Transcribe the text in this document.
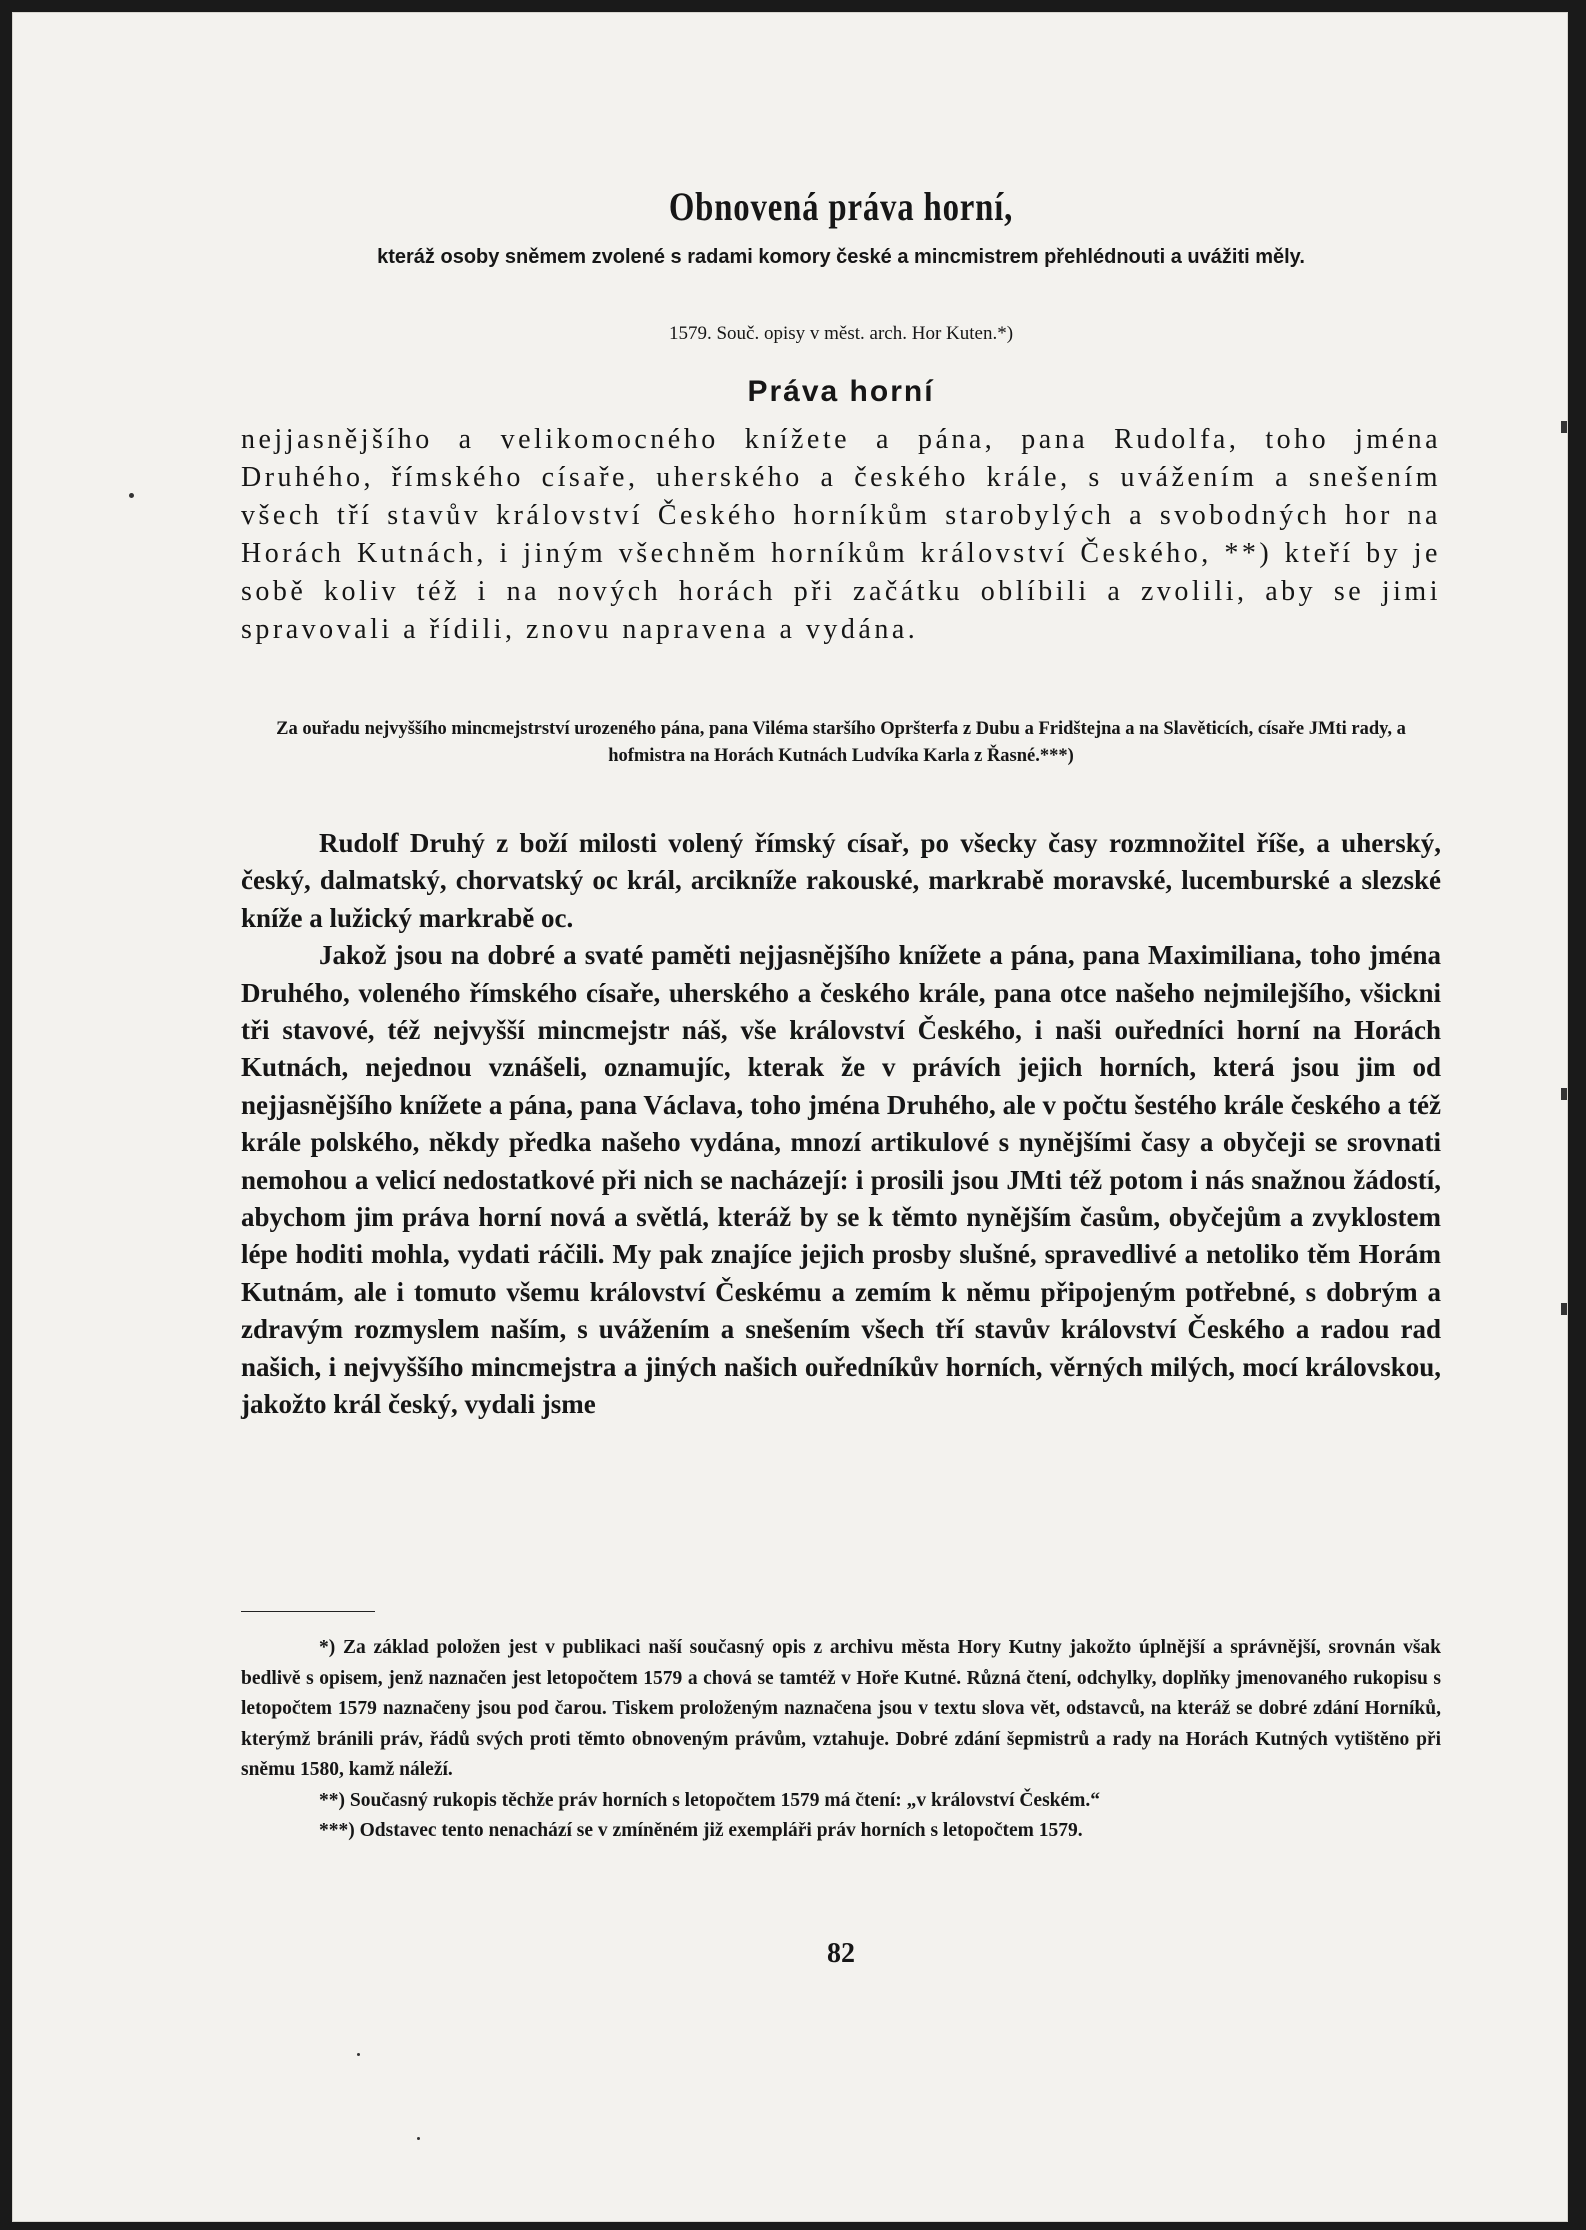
Obnovená práva horní,

kteráž osoby sněmem zvolené s radami komory české a mincmistrem přehlédnouti a uvážiti měly.

1579. Souč. opisy v měst. arch. Hor Kuten.*)

Práva horní

nejjasnějšího a velikomocného knížete a pána, pana Rudolfa, toho jména Druhého, římského císaře, uherského a českého krále, s uvážením a snešením všech tří stavův království Českého horníkům starobylých a svobodných hor na Horách Kutnách, i jiným všechněm horníkům království Českého, **) kteří by je sobě koliv též i na nových horách při začátku oblíbili a zvolili, aby se jimi spravovali a řídili, znovu napravena a vydána.

Za ouřadu nejvyššího mincmejstrství urozeného pána, pana Viléma staršího Opršterfa z Dubu a Fridštejna a na Slavěticích, císaře JMti rady, a hofmistra na Horách Kutnách Ludvíka Karla z Řasné.***)

Rudolf Druhý z boží milosti volený římský císař, po všecky časy rozmnožitel říše, a uherský, český, dalmatský, chorvatský oc král, arcikníže rakouské, markrabě moravské, lucemburské a slezské kníže a lužický markrabě oc.

Jakož jsou na dobré a svaté paměti nejjasnějšího knížete a pána, pana Maximiliana, toho jména Druhého, voleného římského císaře, uherského a českého krále, pana otce našeho nejmilejšího, všickni tři stavové, též nejvyšší mincmejstr náš, vše království Českého, i naši ouředníci horní na Horách Kutnách, nejednou vznášeli, oznamujíc, kterak že v právích jejich horních, která jsou jim od nejjasnějšího knížete a pána, pana Václava, toho jména Druhého, ale v počtu šestého krále českého a též krále polského, někdy předka našeho vydána, mnozí artikulové s nynějšími časy a obyčeji se srovnati nemohou a velicí nedostatkové při nich se nacházejí: i prosili jsou JMti též potom i nás snažnou žádostí, abychom jim práva horní nová a světlá, kteráž by se k těmto nynějším časům, obyčejům a zvyklostem lépe hoditi mohla, vydati ráčili. My pak znajíce jejich prosby slušné, spravedlivé a netoliko těm Horám Kutnám, ale i tomuto všemu království Českému a zemím k němu připojeným potřebné, s dobrým a zdravým rozmyslem naším, s uvážením a snešením všech tří stavův království Českého a radou rad našich, i nejvyššího mincmejstra a jiných našich ouředníkův horních, věrných milých, mocí královskou, jakožto král český, vydali jsme

*) Za základ položen jest v publikaci naší současný opis z archivu města Hory Kutny jakožto úplnější a správnější, srovnán však bedlivě s opisem, jenž naznačen jest letopočtem 1579 a chová se tamtéž v Hoře Kutné. Různá čtení, odchylky, doplňky jmenovaného rukopisu s letopočtem 1579 naznačeny jsou pod čarou. Tiskem proloženým naznačena jsou v textu slova vět, odstavců, na kteráž se dobré zdání Horníků, kterýmž bránili práv, řádů svých proti těmto obnoveným právům, vztahuje. Dobré zdání šepmistrů a rady na Horách Kutných vytištěno při sněmu 1580, kamž náleží.

**) Současný rukopis těchže práv horních s letopočtem 1579 má čtení: „v království Českém.“

***) Odstavec tento nenachází se v zmíněném již exempláři práv horních s letopočtem 1579.

82
